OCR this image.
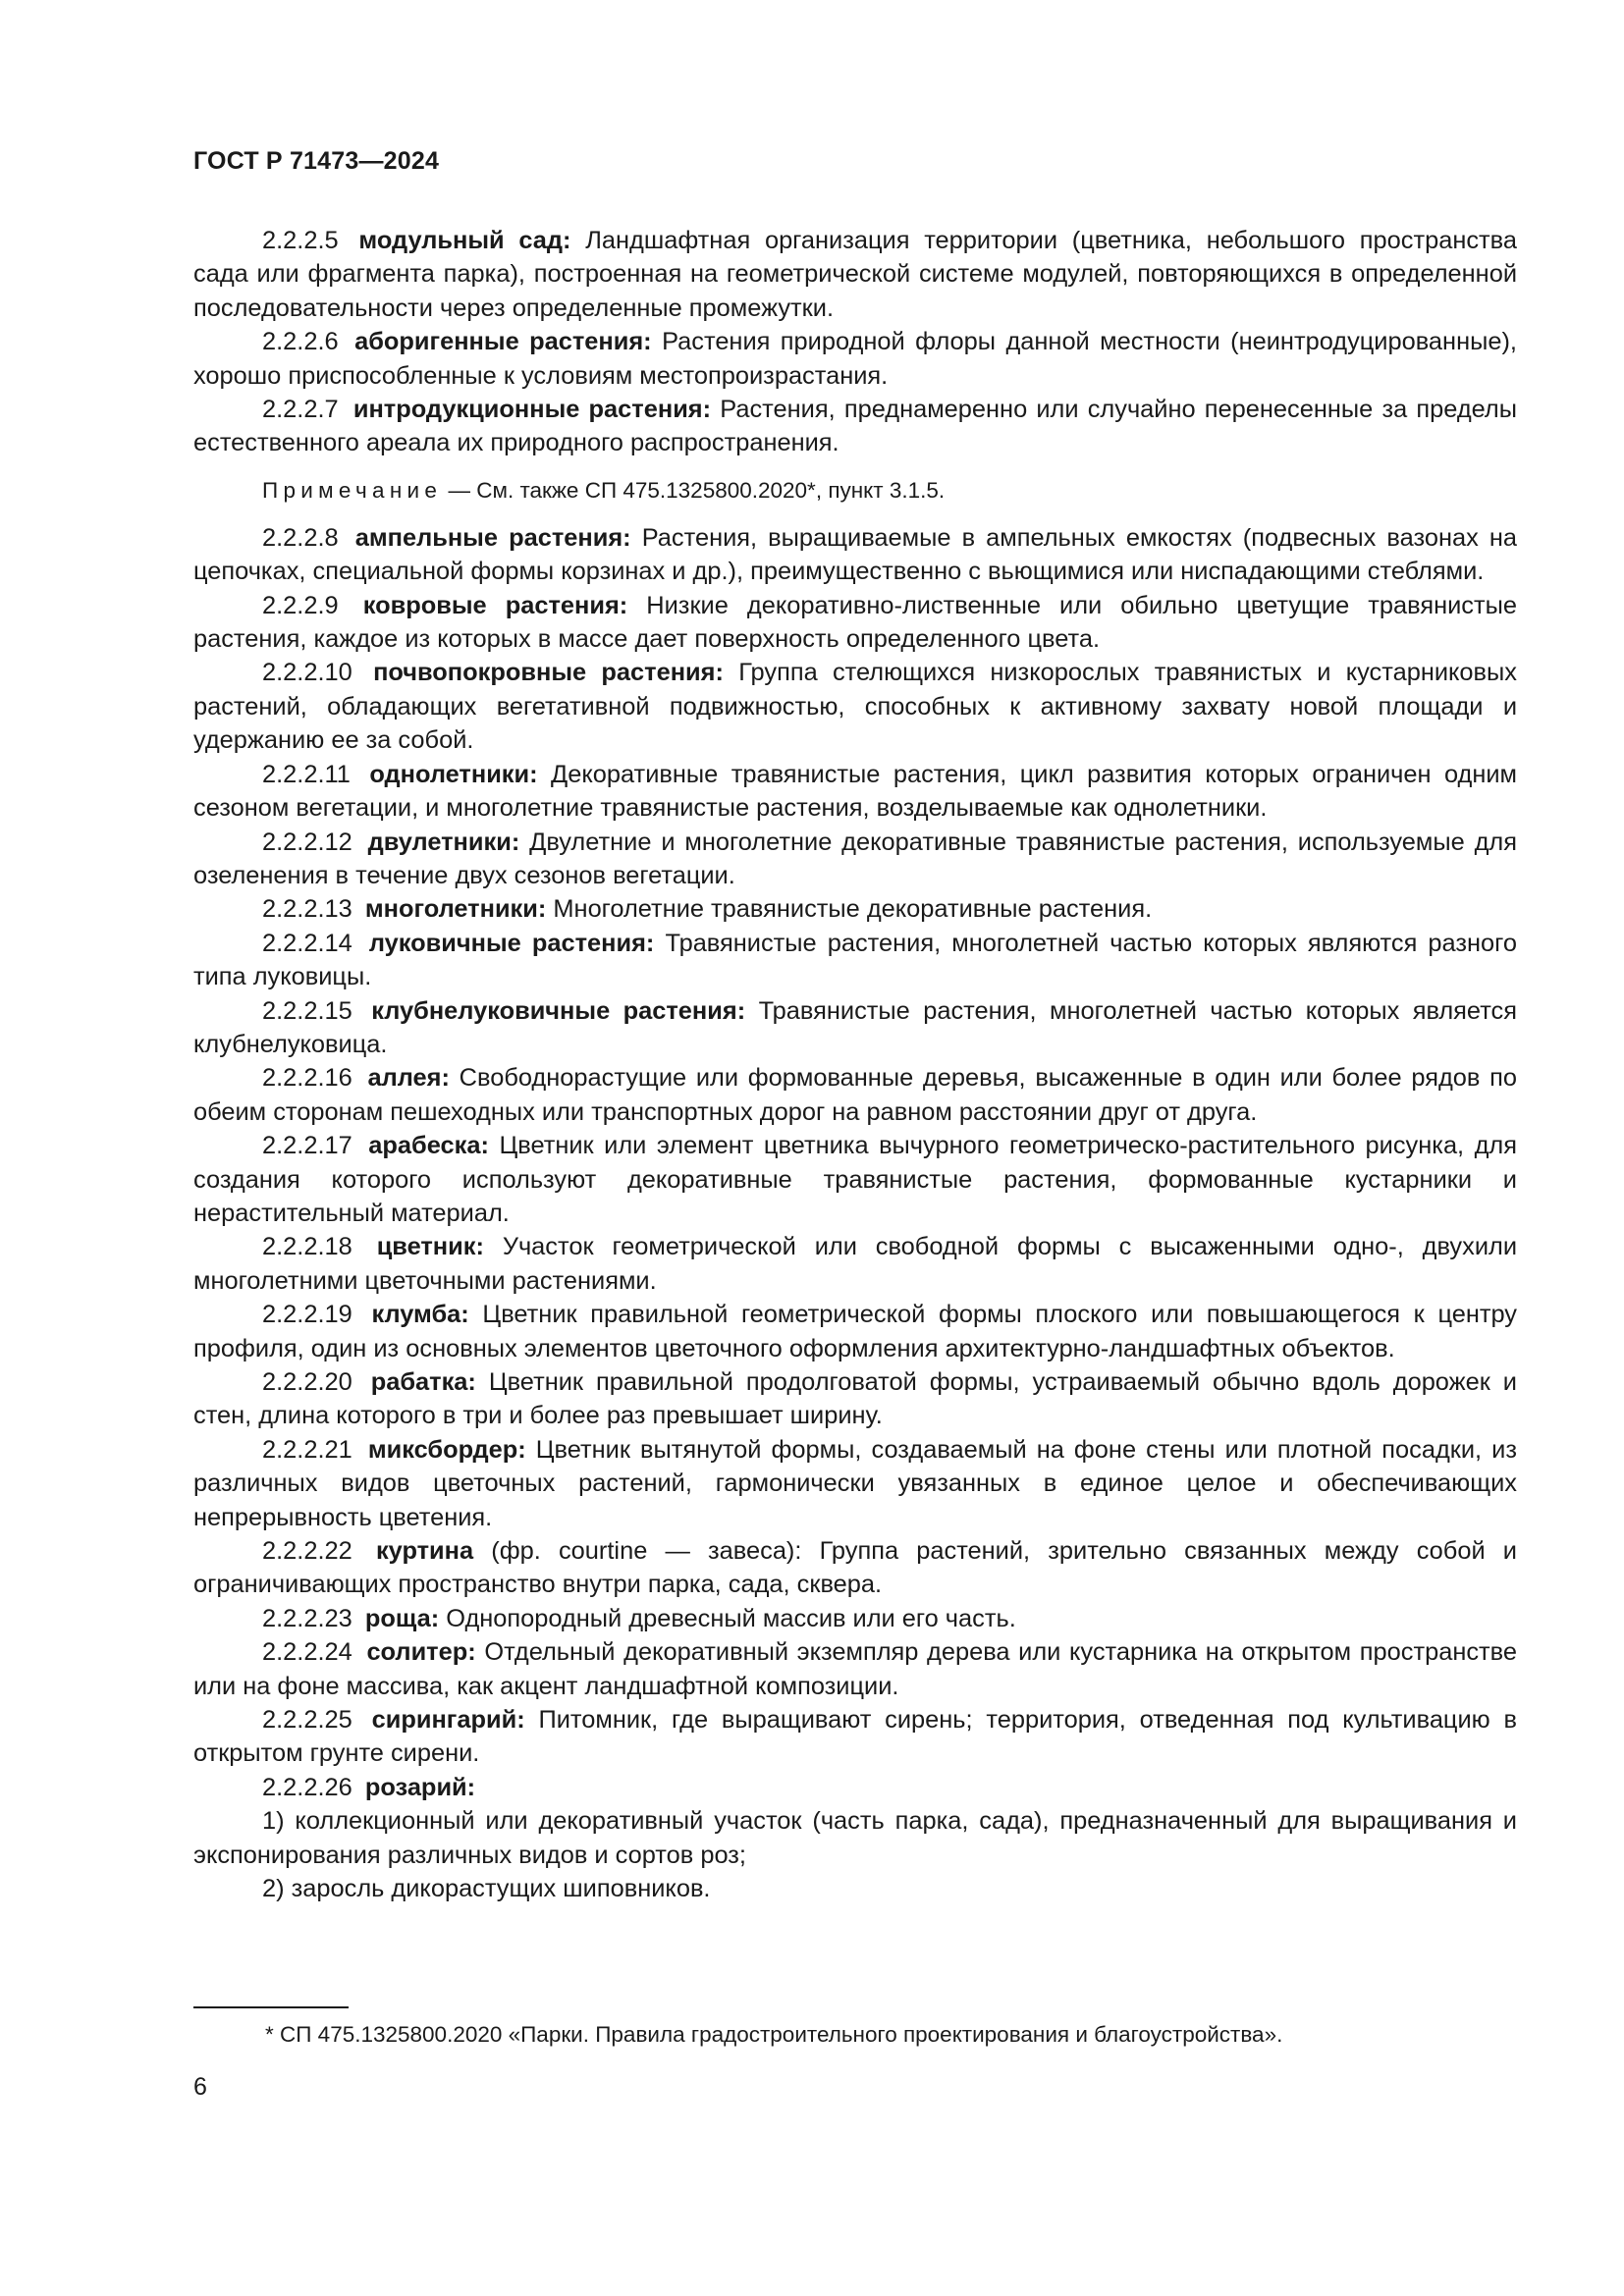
ГОСТ Р 71473—2024

2.2.2.5 модульный сад: Ландшафтная организация территории (цветника, небольшого пространства сада или фрагмента парка), построенная на геометрической системе модулей, повторяющихся в определенной последовательности через определенные промежутки.

2.2.2.6 аборигенные растения: Растения природной флоры данной местности (неинтродуцированные), хорошо приспособленные к условиям местопроизрастания.

2.2.2.7 интродукционные растения: Растения, преднамеренно или случайно перенесенные за пределы естественного ареала их природного распространения.

Примечание — См. также СП 475.1325800.2020*, пункт 3.1.5.

2.2.2.8 ампельные растения: Растения, выращиваемые в ампельных емкостях (подвесных вазонах на цепочках, специальной формы корзинах и др.), преимущественно с вьющимися или ниспадающими стеблями.

2.2.2.9 ковровые растения: Низкие декоративно-лиственные или обильно цветущие травянистые растения, каждое из которых в массе дает поверхность определенного цвета.

2.2.2.10 почвопокровные растения: Группа стелющихся низкорослых травянистых и кустарниковых растений, обладающих вегетативной подвижностью, способных к активному захвату новой площади и удержанию ее за собой.

2.2.2.11 однолетники: Декоративные травянистые растения, цикл развития которых ограничен одним сезоном вегетации, и многолетние травянистые растения, возделываемые как однолетники.

2.2.2.12 двулетники: Двулетние и многолетние декоративные травянистые растения, используемые для озеленения в течение двух сезонов вегетации.

2.2.2.13 многолетники: Многолетние травянистые декоративные растения.

2.2.2.14 луковичные растения: Травянистые растения, многолетней частью которых являются разного типа луковицы.

2.2.2.15 клубнелуковичные растения: Травянистые растения, многолетней частью которых является клубнелуковица.

2.2.2.16 аллея: Свободнорастущие или формованные деревья, высаженные в один или более рядов по обеим сторонам пешеходных или транспортных дорог на равном расстоянии друг от друга.

2.2.2.17 арабеска: Цветник или элемент цветника вычурного геометрическо-растительного рисунка, для создания которого используют декоративные травянистые растения, формованные кустарники и нерастительный материал.

2.2.2.18 цветник: Участок геометрической или свободной формы с высаженными одно-, двухили многолетними цветочными растениями.

2.2.2.19 клумба: Цветник правильной геометрической формы плоского или повышающегося к центру профиля, один из основных элементов цветочного оформления архитектурно-ландшафтных объектов.

2.2.2.20 рабатка: Цветник правильной продолговатой формы, устраиваемый обычно вдоль дорожек и стен, длина которого в три и более раз превышает ширину.

2.2.2.21 миксбордер: Цветник вытянутой формы, создаваемый на фоне стены или плотной посадки, из различных видов цветочных растений, гармонически увязанных в единое целое и обеспечивающих непрерывность цветения.

2.2.2.22 куртина (фр. courtine — завеса): Группа растений, зрительно связанных между собой и ограничивающих пространство внутри парка, сада, сквера.

2.2.2.23 роща: Однопородный древесный массив или его часть.

2.2.2.24 солитер: Отдельный декоративный экземпляр дерева или кустарника на открытом пространстве или на фоне массива, как акцент ландшафтной композиции.

2.2.2.25 сирингарий: Питомник, где выращивают сирень; территория, отведенная под культивацию в открытом грунте сирени.

2.2.2.26 розарий:

1) коллекционный или декоративный участок (часть парка, сада), предназначенный для выращивания и экспонирования различных видов и сортов роз;

2) заросль дикорастущих шиповников.

* СП 475.1325800.2020 «Парки. Правила градостроительного проектирования и благоустройства».
6
